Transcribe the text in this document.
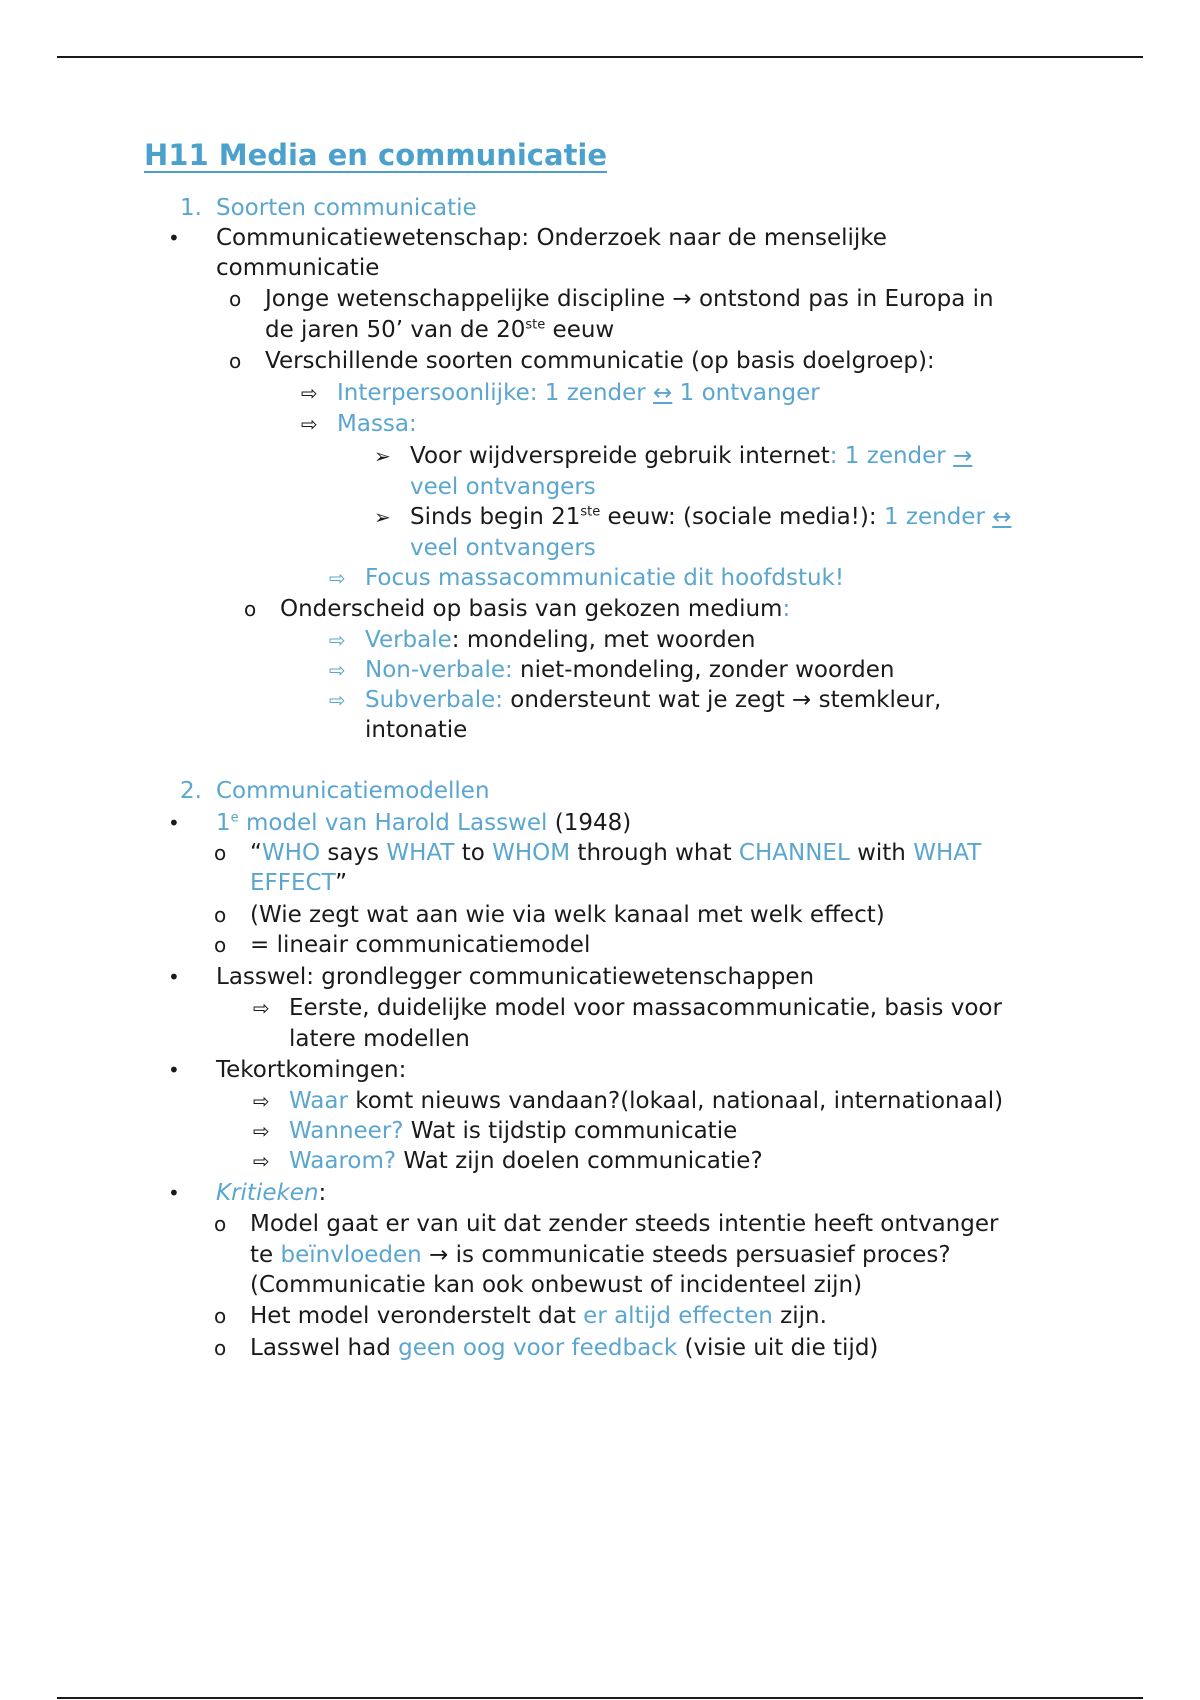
H11 Media en communicatie
1. Soorten communicatie
• Communicatiewetenschap: Onderzoek naar de menselijke
communicatie
o Jonge wetenschappelijke discipline → ontstond pas in Europa in
de jaren 50’ van de 20ste eeuw
o Verschillende soorten communicatie (op basis doelgroep):
⇨ Interpersoonlijke: 1 zender ↔ 1 ontvanger
⇨ Massa:
➢ Voor wijdverspreide gebruik internet: 1 zender →
veel ontvangers
➢ Sinds begin 21ste eeuw: (sociale media!): 1 zender ↔
veel ontvangers
⇨ Focus massacommunicatie dit hoofdstuk!
o Onderscheid op basis van gekozen medium:
⇨ Verbale: mondeling, met woorden
⇨ Non-verbale: niet-mondeling, zonder woorden
⇨ Subverbale: ondersteunt wat je zegt → stemkleur,
intonatie
2. Communicatiemodellen
• 1e model van Harold Lasswel (1948)
o “WHO says WHAT to WHOM through what CHANNEL with WHAT
EFFECT”
o (Wie zegt wat aan wie via welk kanaal met welk effect)
o = lineair communicatiemodel
• Lasswel: grondlegger communicatiewetenschappen
⇨ Eerste, duidelijke model voor massacommunicatie, basis voor
latere modellen
• Tekortkomingen:
⇨ Waar komt nieuws vandaan?(lokaal, nationaal, internationaal)
⇨ Wanneer? Wat is tijdstip communicatie
⇨ Waarom? Wat zijn doelen communicatie?
• Kritieken:
o Model gaat er van uit dat zender steeds intentie heeft ontvanger
te beïnvloeden → is communicatie steeds persuasief proces?
(Communicatie kan ook onbewust of incidenteel zijn)
o Het model veronderstelt dat er altijd effecten zijn.
o Lasswel had geen oog voor feedback (visie uit die tijd)
